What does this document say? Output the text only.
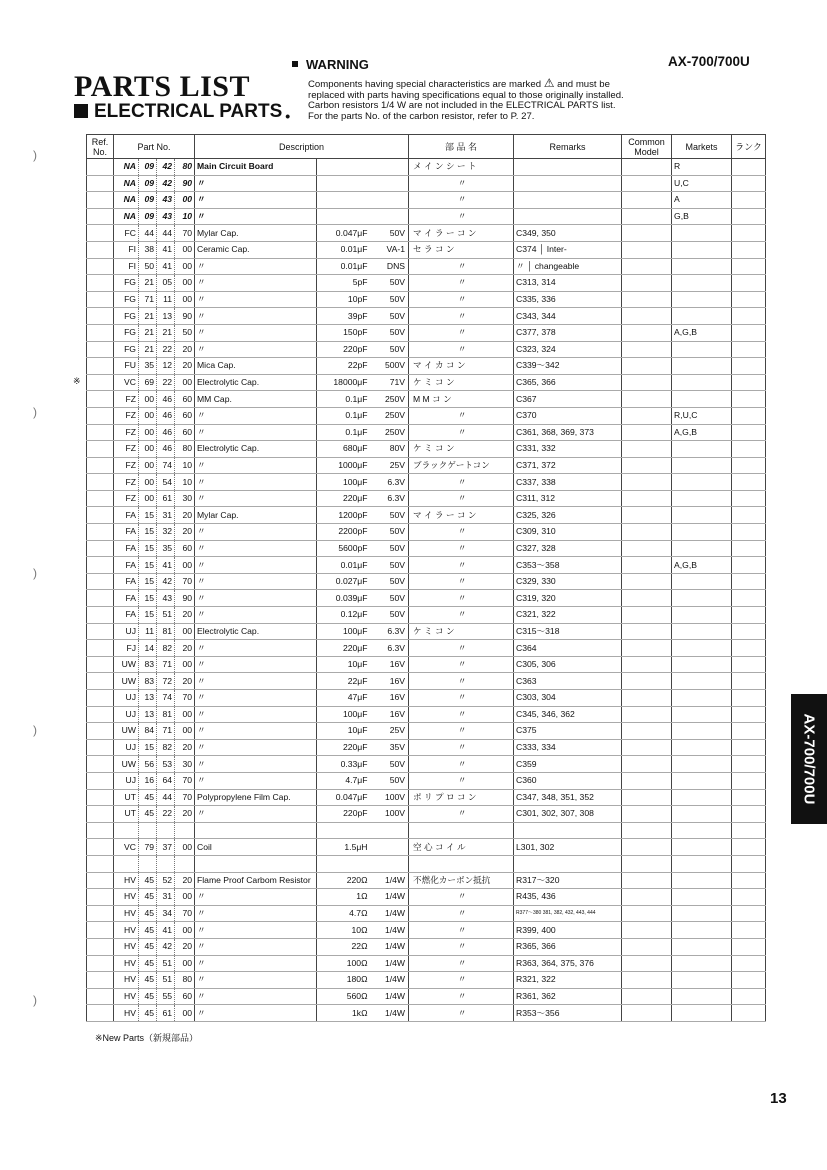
AX-700/700U
PARTS LIST
ELECTRICAL PARTS $_•$
WARNING
Components having special characteristics are marked ⚠ and must be
replaced with parts having specifications equal to those originally installed.
Carbon resistors 1/4 W are not included in the ELECTRICAL PARTS list.
For the parts No. of the carbon resistor, refer to P. 27.
Ref. No.	Part No.				Description			部 品 名	Remarks	Common Model	Markets	ランク
	NA	09	42	80	Main Circuit Board			メ イ ン シ ー ト			R	
	NA	09	42	90	〃			〃			U,C	
	NA	09	43	00	〃			〃			A	
	NA	09	43	10	〃			〃			G,B	
	FC	44	44	70	Mylar Cap.	0.047μF	50V	マ イ ラ ー コ ン	C349, 350			
	FI	38	41	00	Ceramic Cap.	0.01μF	VA-1	セ ラ コ ン	C374 │ Inter-			
	FI	50	41	00	〃	0.01μF	DNS	〃	〃 │ changeable			
	FG	21	05	00	〃	5pF	50V	〃	C313, 314			
	FG	71	11	00	〃	10pF	50V	〃	C335, 336			
	FG	21	13	90	〃	39pF	50V	〃	C343, 344			
	FG	21	21	50	〃	150pF	50V	〃	C377, 378		A,G,B	
	FG	21	22	20	〃	220pF	50V	〃	C323, 324			
	FU	35	12	20	Mica Cap.	22pF	500V	マ イ カ コ ン	C339～342			
	VC	69	22	00	Electrolytic Cap.	18000μF	71V	ケ ミ コ ン	C365, 366			
	FZ	00	46	60	MM Cap.	0.1μF	250V	M M コ ン	C367			
	FZ	00	46	60	〃	0.1μF	250V	〃	C370		R,U,C	
	FZ	00	46	60	〃	0.1μF	250V	〃	C361, 368, 369, 373		A,G,B	
	FZ	00	46	80	Electrolytic Cap.	680μF	80V	ケ ミ コ ン	C331, 332			
	FZ	00	74	10	〃	1000μF	25V	ブラックゲートコン	C371, 372			
	FZ	00	54	10	〃	100μF	6.3V	〃	C337, 338			
	FZ	00	61	30	〃	220μF	6.3V	〃	C311, 312			
	FA	15	31	20	Mylar Cap.	1200pF	50V	マ イ ラ ー コ ン	C325, 326			
	FA	15	32	20	〃	2200pF	50V	〃	C309, 310			
	FA	15	35	60	〃	5600pF	50V	〃	C327, 328			
	FA	15	41	00	〃	0.01μF	50V	〃	C353～358		A,G,B	
	FA	15	42	70	〃	0.027μF	50V	〃	C329, 330			
	FA	15	43	90	〃	0.039μF	50V	〃	C319, 320			
	FA	15	51	20	〃	0.12μF	50V	〃	C321, 322			
	UJ	11	81	00	Electrolytic Cap.	100μF	6.3V	ケ ミ コ ン	C315～318			
	FJ	14	82	20	〃	220μF	6.3V	〃	C364			
	UW	83	71	00	〃	10μF	16V	〃	C305, 306			
	UW	83	72	20	〃	22μF	16V	〃	C363			
	UJ	13	74	70	〃	47μF	16V	〃	C303, 304			
	UJ	13	81	00	〃	100μF	16V	〃	C345, 346, 362			
	UW	84	71	00	〃	10μF	25V	〃	C375			
	UJ	15	82	20	〃	220μF	35V	〃	C333, 334			
	UW	56	53	30	〃	0.33μF	50V	〃	C359			
	UJ	16	64	70	〃	4.7μF	50V	〃	C360			
	UT	45	44	70	Polypropylene Film Cap.	0.047μF	100V	ポ リ プ ロ コ ン	C347, 348, 351, 352			
	UT	45	22	20	〃	220pF	100V	〃	C301, 302, 307, 308			

	VC	79	37	00	Coil	1.5μH		空 心 コ イ ル	L301, 302			

	HV	45	52	20	Flame Proof Carbom Resistor	220Ω	1/4W	不燃化カーボン抵抗	R317～320			
	HV	45	31	00	〃	1Ω	1/4W	〃	R435, 436			
	HV	45	34	70	〃	4.7Ω	1/4W	〃	R377～380 381, 382, 432, 443, 444			
	HV	45	41	00	〃	10Ω	1/4W	〃	R399, 400			
	HV	45	42	20	〃	22Ω	1/4W	〃	R365, 366			
	HV	45	51	00	〃	100Ω	1/4W	〃	R363, 364, 375, 376			
	HV	45	51	80	〃	180Ω	1/4W	〃	R321, 322			
	HV	45	55	60	〃	560Ω	1/4W	〃	R361, 362			
	HV	45	61	00	〃	1kΩ	1/4W	〃	R353～356			
※New Parts（新規部品）
AX-700/700U
13
)
)
)
)
)
※
